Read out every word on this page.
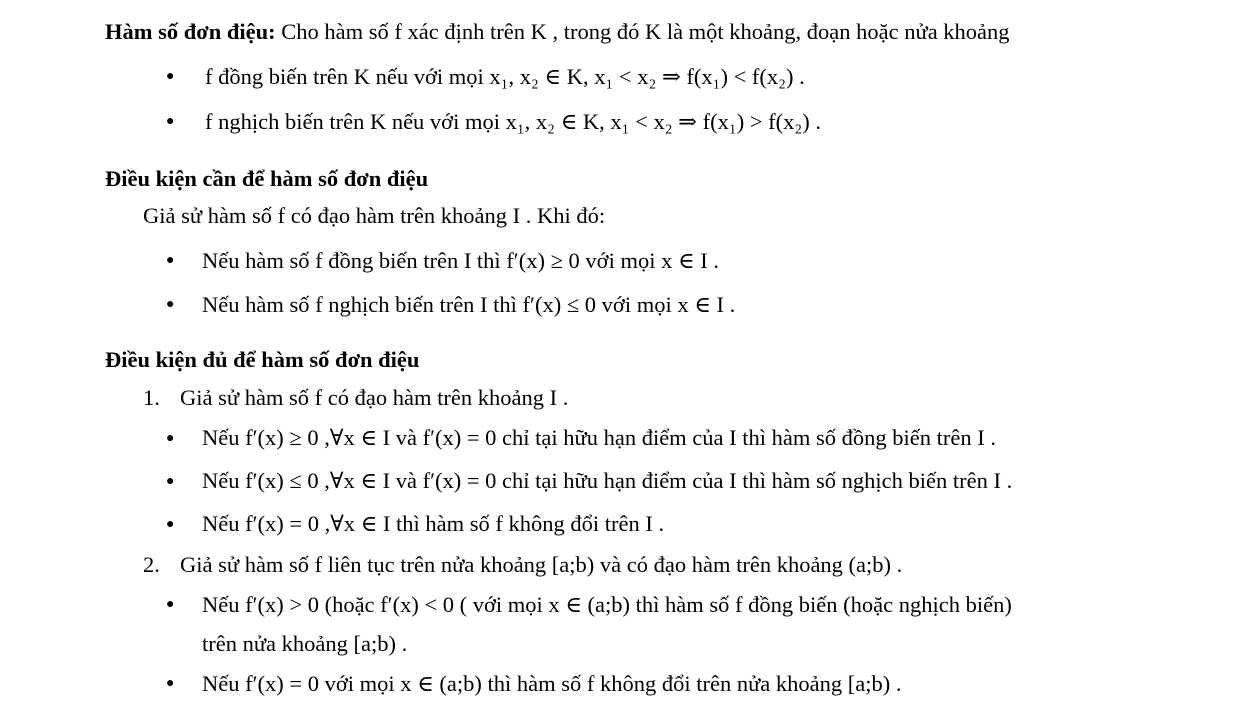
Hàm số đơn điệu: Cho hàm số f xác định trên K , trong đó K là một khoảng, đoạn hoặc nửa khoảng
● f đồng biến trên K nếu với mọi x₁, x₂ ∈ K, x₁ < x₂ ⇒ f(x₁) < f(x₂) .
● f nghịch biến trên K nếu với mọi x₁, x₂ ∈ K, x₁ < x₂ ⇒ f(x₁) > f(x₂) .
Điều kiện cần để hàm số đơn điệu
Giả sử hàm số f có đạo hàm trên khoảng I . Khi đó:
● Nếu hàm số f đồng biến trên I thì f′(x) ≥ 0 với mọi x ∈ I .
● Nếu hàm số f nghịch biến trên I thì f′(x) ≤ 0 với mọi x ∈ I .
Điều kiện đủ để hàm số đơn điệu
1. Giả sử hàm số f có đạo hàm trên khoảng I .
● Nếu f′(x) ≥ 0 ,∀x ∈ I và f′(x) = 0 chỉ tại hữu hạn điểm của I thì hàm số đồng biến trên I .
● Nếu f′(x) ≤ 0 ,∀x ∈ I và f′(x) = 0 chỉ tại hữu hạn điểm của I thì hàm số nghịch biến trên I .
● Nếu f′(x) = 0 ,∀x ∈ I thì hàm số f không đổi trên I .
2. Giả sử hàm số f liên tục trên nửa khoảng [a;b) và có đạo hàm trên khoảng (a;b) .
● Nếu f′(x) > 0 (hoặc f′(x) < 0 ( với mọi x ∈ (a;b) thì hàm số f đồng biến (hoặc nghịch biến)
trên nửa khoảng [a;b) .
● Nếu f′(x) = 0 với mọi x ∈ (a;b) thì hàm số f không đổi trên nửa khoảng [a;b) .
